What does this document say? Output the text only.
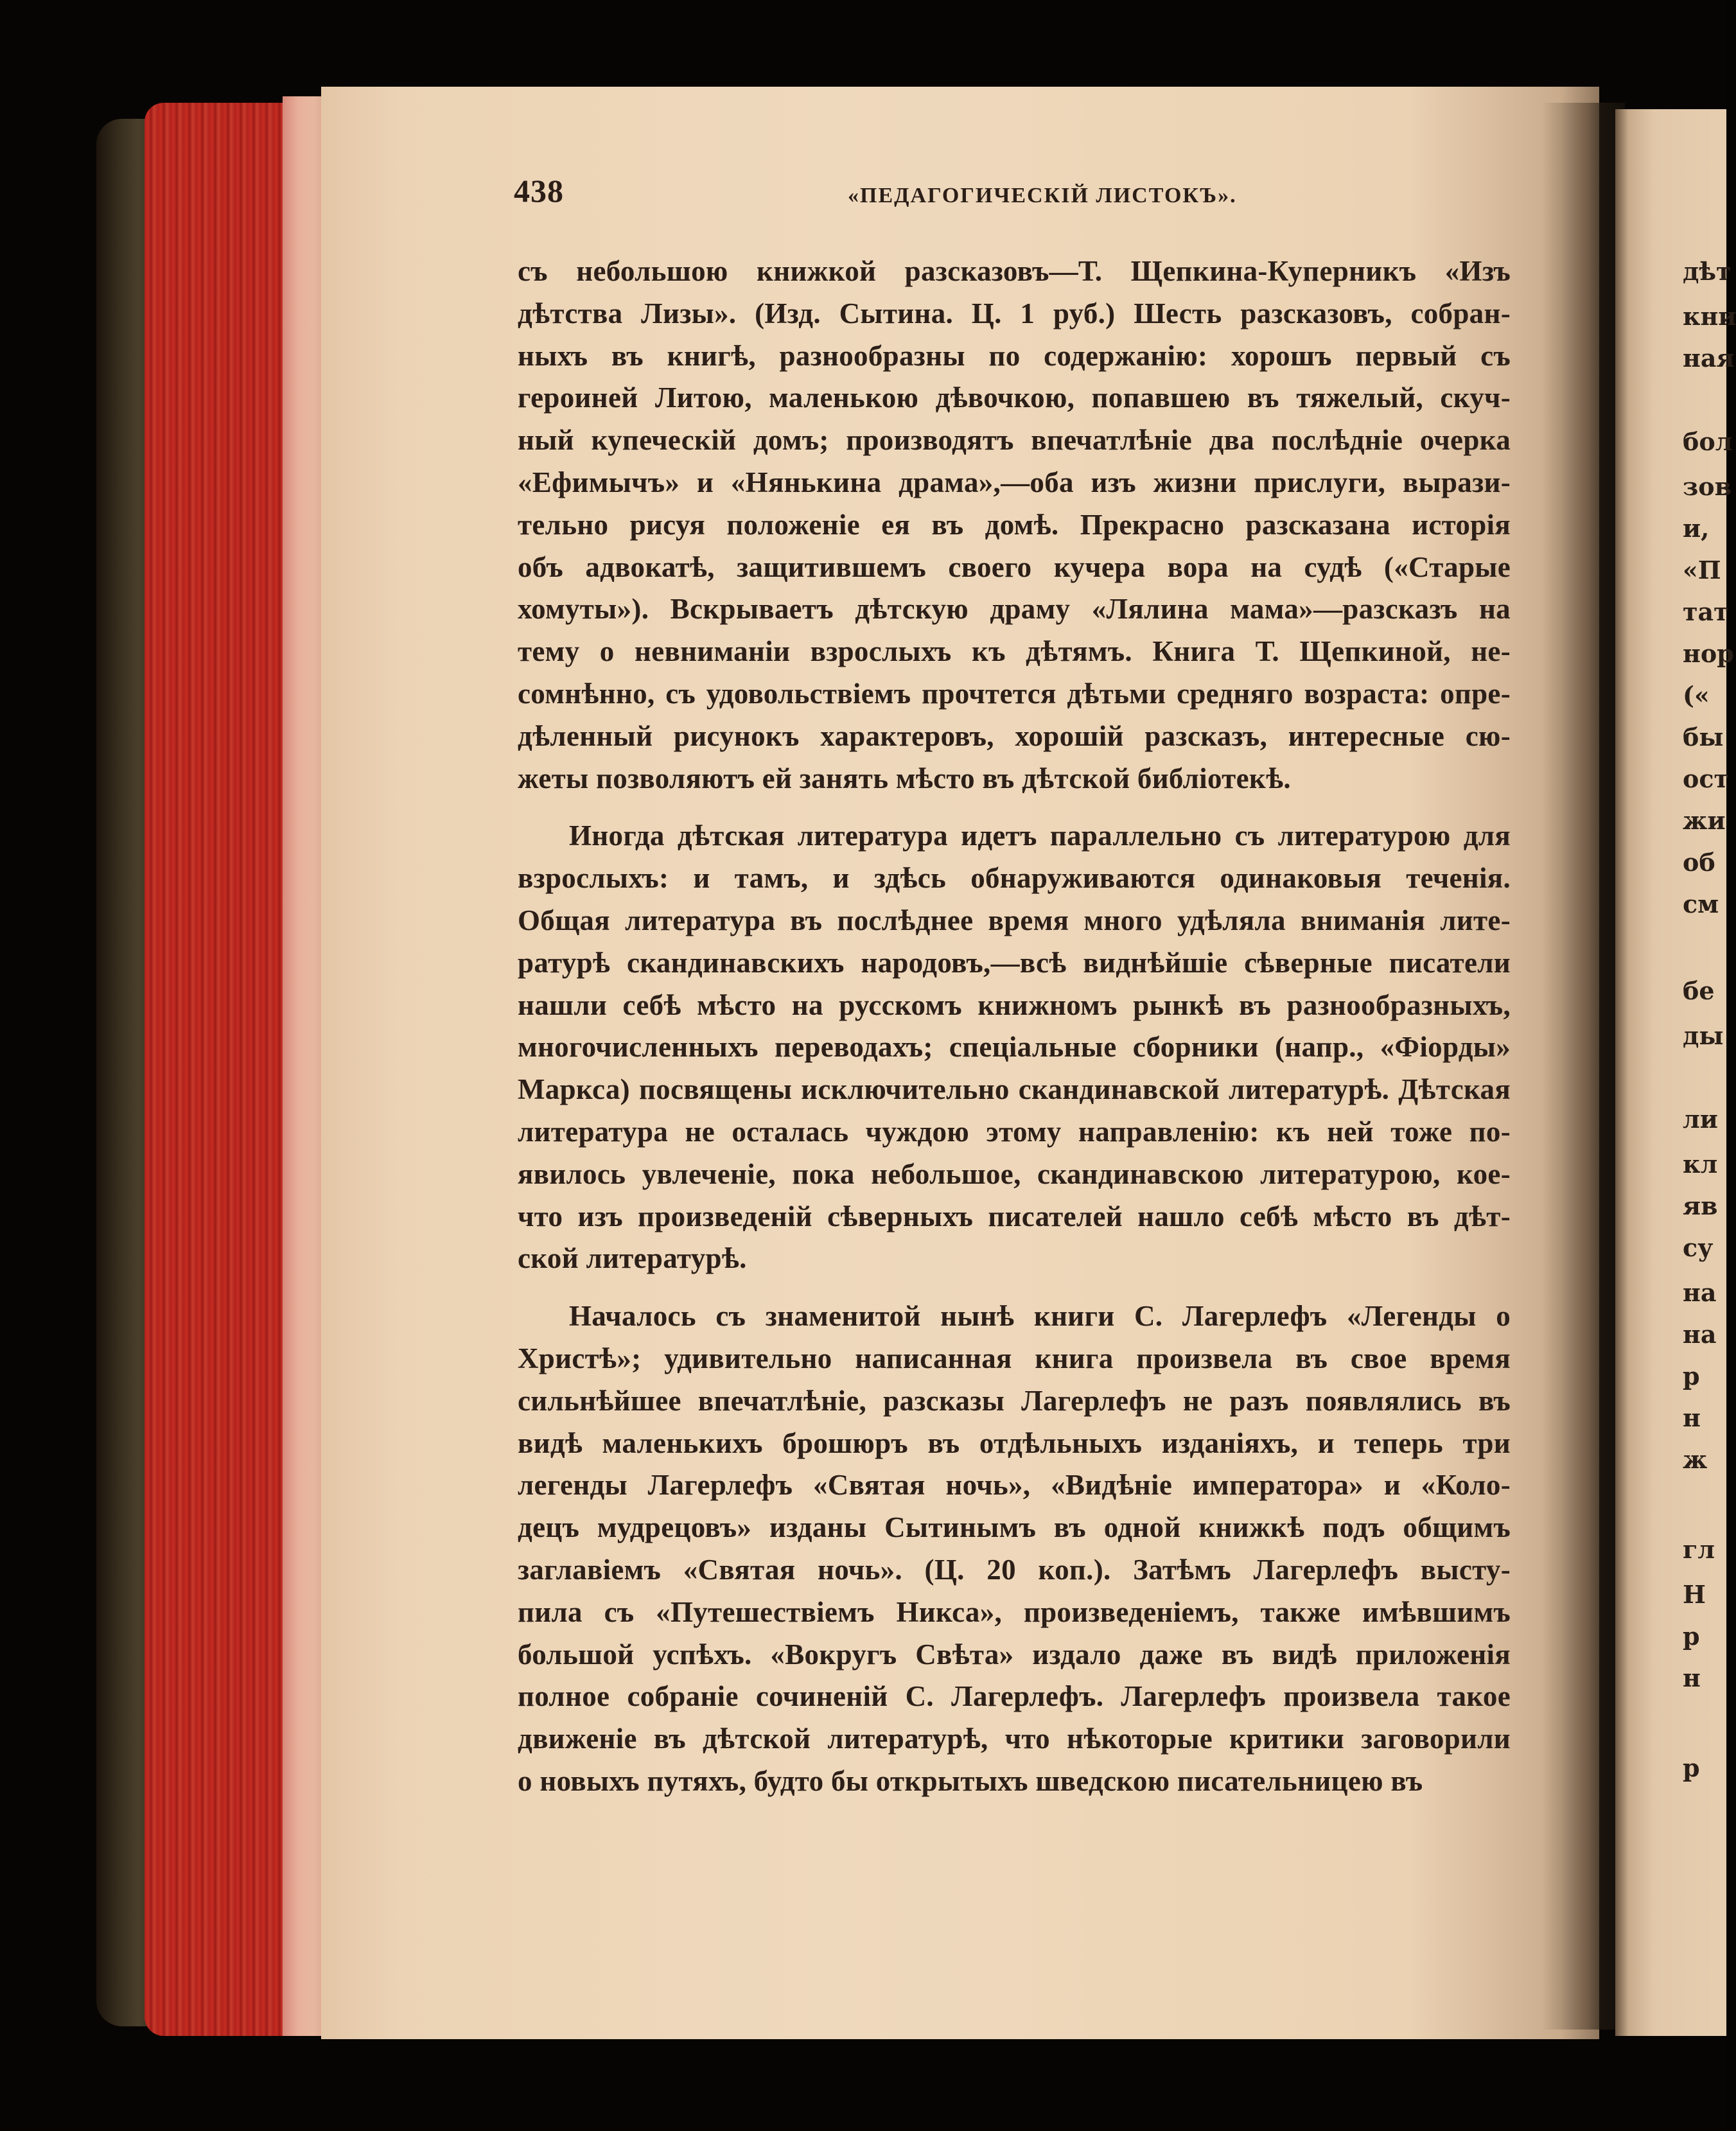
438	«ПЕДАГОГИЧЕСКІЙ ЛИСТОКЪ».
съ небольшою книжкой разсказовъ—Т. Щепкина-Куперникъ «Изъ
дѣтства Лизы». (Изд. Сытина. Ц. 1 руб.) Шесть разсказовъ, собран-
ныхъ въ книгѣ, разнообразны по содержанію: хорошъ первый съ
героиней Литою, маленькою дѣвочкою, попавшею въ тяжелый, скуч-
ный купеческій домъ; производятъ впечатлѣніе два послѣдніе очерка
«Ефимычъ» и «Нянькина драма»,—оба изъ жизни прислуги, вырази-
тельно рисуя положеніе ея въ домѣ. Прекрасно разсказана исторія
объ адвокатѣ, защитившемъ своего кучера вора на судѣ («Старые
хомуты»). Вскрываетъ дѣтскую драму «Лялина мама»—разсказъ на
тему о невниманіи взрослыхъ къ дѣтямъ. Книга Т. Щепкиной, не-
сомнѣнно, съ удовольствіемъ прочтется дѣтьми средняго возраста: опре-
дѣленный рисунокъ характеровъ, хорошій разсказъ, интересные сю-
жеты позволяютъ ей занять мѣсто въ дѣтской библіотекѣ.
Иногда дѣтская литература идетъ параллельно съ литературою для
взрослыхъ: и тамъ, и здѣсь обнаруживаются одинаковыя теченія.
Общая литература въ послѣднее время много удѣляла вниманія лите-
ратурѣ скандинавскихъ народовъ,—всѣ виднѣйшіе сѣверные писатели
нашли себѣ мѣсто на русскомъ книжномъ рынкѣ въ разнообразныхъ,
многочисленныхъ переводахъ; спеціальные сборники (напр., «Фіорды»
Маркса) посвящены исключительно скандинавской литературѣ. Дѣтская
литература не осталась чуждою этому направленію: къ ней тоже по-
явилось увлеченіе, пока небольшое, скандинавскою литературою, кое-
что изъ произведеній сѣверныхъ писателей нашло себѣ мѣсто въ дѣт-
ской литературѣ.
Началось съ знаменитой нынѣ книги С. Лагерлефъ «Легенды о
Христѣ»; удивительно написанная книга произвела въ свое время
сильнѣйшее впечатлѣніе, разсказы Лагерлефъ не разъ появлялись въ
видѣ маленькихъ брошюръ въ отдѣльныхъ изданіяхъ, и теперь три
легенды Лагерлефъ «Святая ночь», «Видѣніе императора» и «Коло-
децъ мудрецовъ» изданы Сытинымъ въ одной книжкѣ подъ общимъ
заглавіемъ «Святая ночь». (Ц. 20 коп.). Затѣмъ Лагерлефъ высту-
пила съ «Путешествіемъ Никса», произведеніемъ, также имѣвшимъ
большой успѣхъ. «Вокругъ Свѣта» издало даже въ видѣ приложенія
полное собраніе сочиненій С. Лагерлефъ. Лагерлефъ произвела такое
движеніе въ дѣтской литературѣ, что нѣкоторые критики заговорили
о новыхъ путяхъ, будто бы открытыхъ шведскою писательницею въ
дѣт
кни
ная
бол
зов
и,
«П
тат
нор
(«
бы
ост
жи
об
см
бе
ды
ли
кл
яв
су
на
на
р
н
ж
гл
Н
р
н
р
